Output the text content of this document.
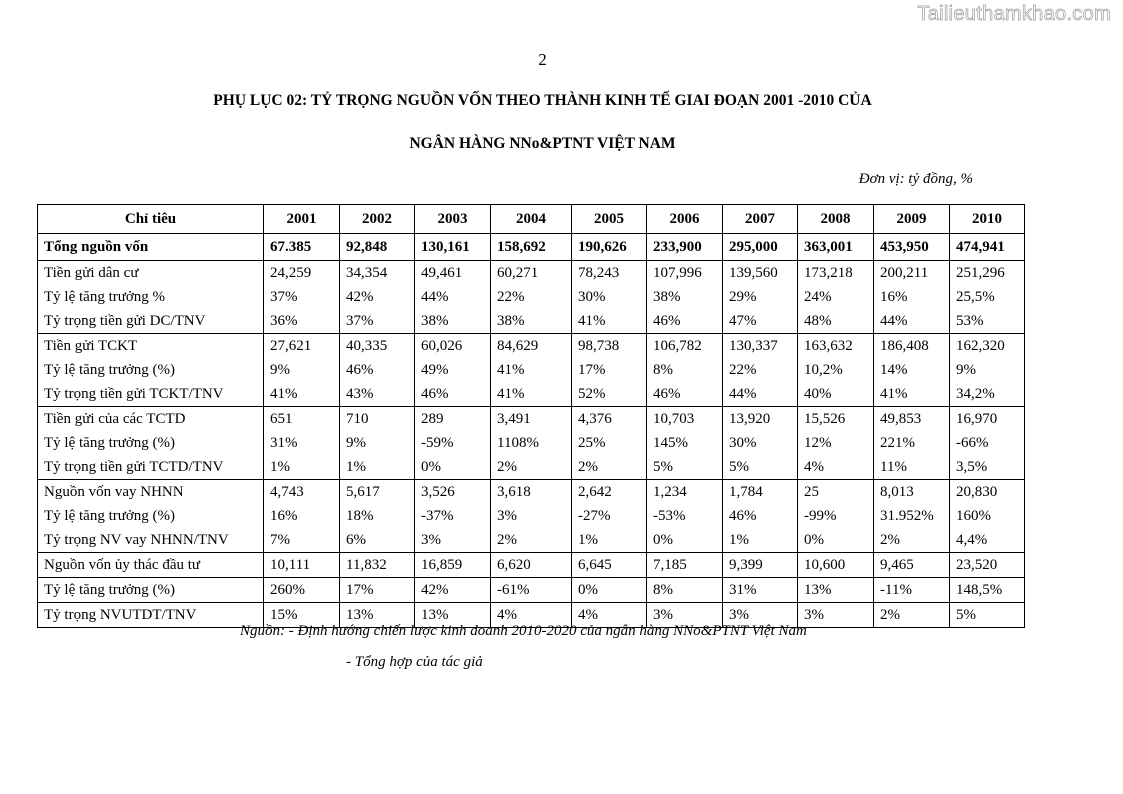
Tailieuthamkhao.com
2
PHỤ LỤC 02: TỶ TRỌNG NGUỒN VỐN THEO THÀNH KINH TẾ GIAI ĐOẠN 2001 -2010 CỦA
NGÂN HÀNG NNo&PTNT VIỆT NAM
Đơn vị: tỷ đồng, %
Chỉ tiêu	2001	2002	2003	2004	2005	2006	2007	2008	2009	2010
Tổng nguồn vốn	67.385	92,848	130,161	158,692	190,626	233,900	295,000	363,001	453,950	474,941
Tiền gửi dân cư	24,259	34,354	49,461	60,271	78,243	107,996	139,560	173,218	200,211	251,296
Tỷ lệ tăng trưởng %	37%	42%	44%	22%	30%	38%	29%	24%	16%	25,5%
Tỷ trọng tiền gửi DC/TNV	36%	37%	38%	38%	41%	46%	47%	48%	44%	53%
Tiền gửi TCKT	27,621	40,335	60,026	84,629	98,738	106,782	130,337	163,632	186,408	162,320
Tỷ lệ tăng trưởng (%)	9%	46%	49%	41%	17%	8%	22%	10,2%	14%	9%
Tỷ trọng tiền gửi TCKT/TNV	41%	43%	46%	41%	52%	46%	44%	40%	41%	34,2%
Tiền gửi của các TCTD	651	710	289	3,491	4,376	10,703	13,920	15,526	49,853	16,970
Tỷ lệ tăng trưởng (%)	31%	9%	-59%	1108%	25%	145%	30%	12%	221%	-66%
Tỷ trọng tiền gửi TCTD/TNV	1%	1%	0%	2%	2%	5%	5%	4%	11%	3,5%
Nguồn vốn vay NHNN	4,743	5,617	3,526	3,618	2,642	1,234	1,784	25	8,013	20,830
Tỷ lệ tăng trưởng (%)	16%	18%	-37%	3%	-27%	-53%	46%	-99%	31.952%	160%
Tỷ trọng NV vay NHNN/TNV	7%	6%	3%	2%	1%	0%	1%	0%	2%	4,4%
Nguồn vốn ủy thác đầu tư	10,111	11,832	16,859	6,620	6,645	7,185	9,399	10,600	9,465	23,520
Tỷ lệ tăng trưởng (%)	260%	17%	42%	-61%	0%	8%	31%	13%	-11%	148,5%
Tỷ trọng NVUTDT/TNV	15%	13%	13%	4%	4%	3%	3%	3%	2%	5%
Nguồn: - Định hướng chiến lược kinh doanh 2010-2020 của ngân hàng NNo&PTNT Việt Nam
- Tổng hợp của tác giả
